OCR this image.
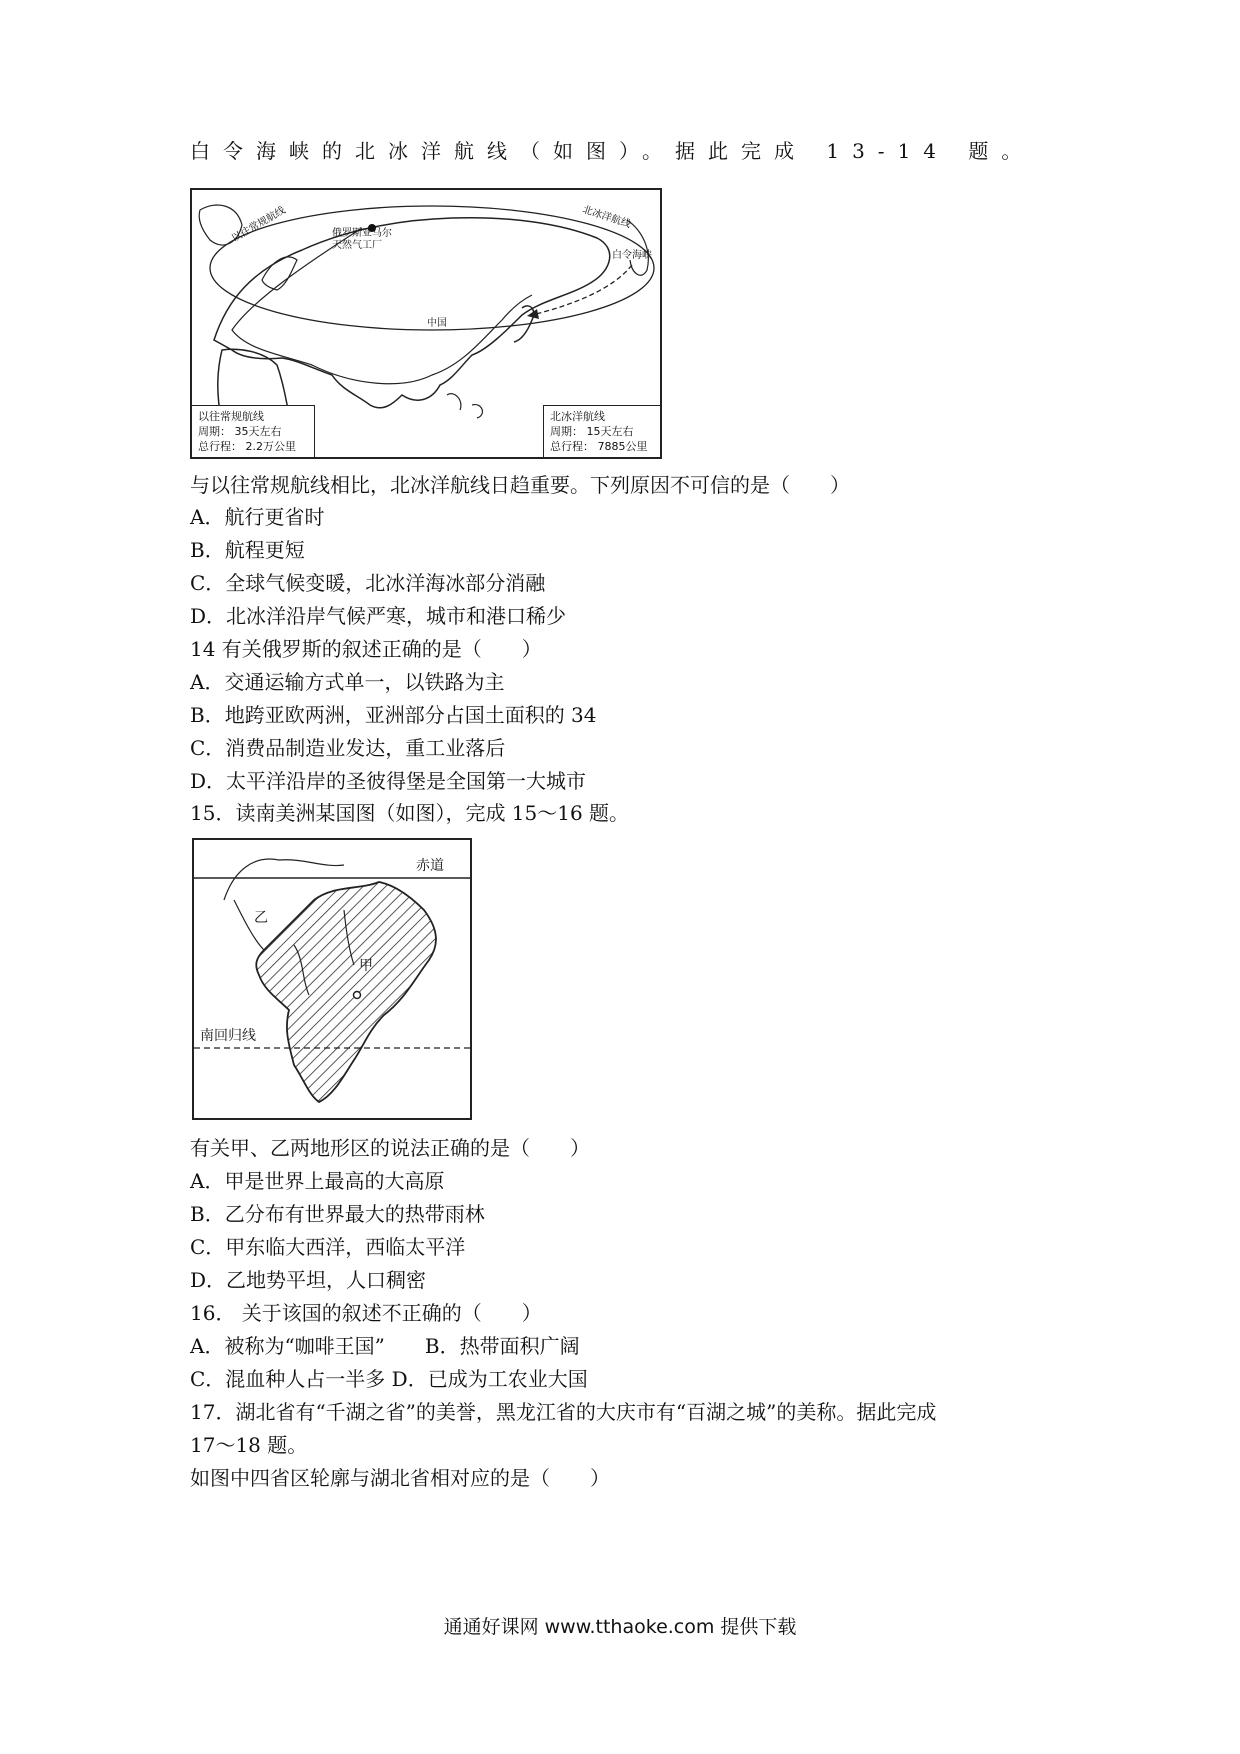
白令海峡的北冰洋航线（如图）。据此完成 13-14 题。
俄罗斯亚马尔
天然气工厂
以往常规航线	北冰洋航线
白令海峡
中国
以往常规航线
周期： 35天左右
总行程： 2.2万公里
北冰洋航线
周期： 15天左右
总行程： 7885公里
与以往常规航线相比，北冰洋航线日趋重要。下列原因不可信的是（　　）
A．航行更省时
B．航程更短
C．全球气候变暖，北冰洋海冰部分消融
D．北冰洋沿岸气候严寒，城市和港口稀少
14 有关俄罗斯的叙述正确的是（　　）
A．交通运输方式单一，以铁路为主
B．地跨亚欧两洲，亚洲部分占国土面积的 34
C．消费品制造业发达，重工业落后
D．太平洋沿岸的圣彼得堡是全国第一大城市
15．读南美洲某国图（如图），完成 15～16 题。
赤道
南回归线
甲
乙
有关甲、乙两地形区的说法正确的是（　　）
A．甲是世界上最高的大高原
B．乙分布有世界最大的热带雨林
C．甲东临大西洋，西临太平洋
D．乙地势平坦，人口稠密
16． 关于该国的叙述不正确的（　　）
A．被称为“咖啡王国”　　B．热带面积广阔
C．混血种人占一半多 D．已成为工农业大国
17．湖北省有“千湖之省”的美誉，黑龙江省的大庆市有“百湖之城”的美称。据此完成
17～18 题。
如图中四省区轮廓与湖北省相对应的是（　　）
通通好课网 www.tthaoke.com 提供下载
